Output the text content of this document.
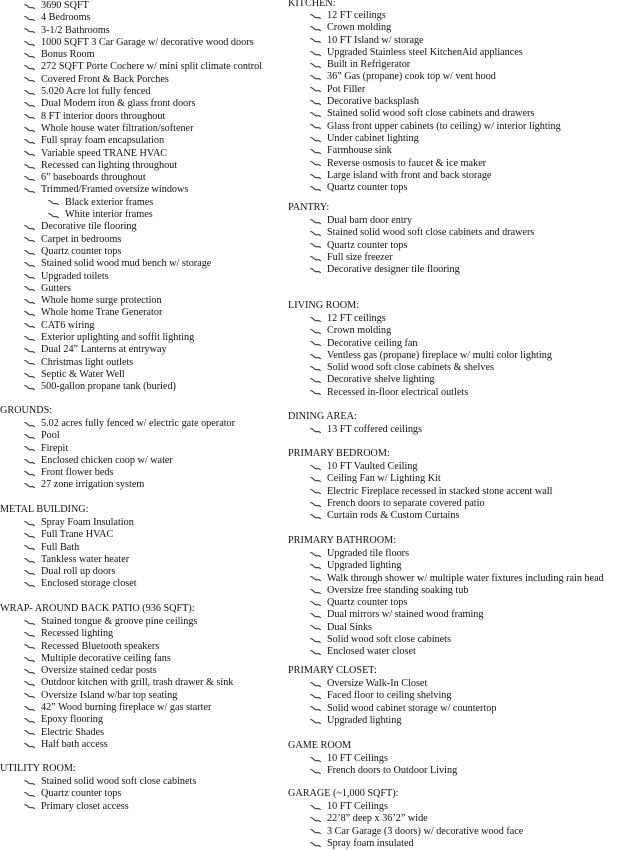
3690 SQFT
4 Bedrooms
3-1/2 Bathrooms
1000 SQFT 3 Car Garage w/ decorative wood doors
Bonus Room
272 SQFT Porte Cochere w/ mini split climate control
Covered Front & Back Porches
5.020 Acre lot fully fenced
Dual Modern iron & glass front doors
8 FT interior doors throughout
Whole house water filtration/softener
Full spray foam encapsulation
Variable speed TRANE HVAC
Recessed can lighting throughout
6” baseboards throughout
Trimmed/Framed oversize windows
Black exterior frames
White interior frames
Decorative tile flooring
Carpet in bedrooms
Quartz counter tops
Stained solid wood mud bench w/ storage
Upgraded toilets
Gutters
Whole home surge protection
Whole home Trane Generator
CAT6 wiring
Exterior uplighting and soffit lighting
Dual 24” Lanterns at entryway
Christmas light outlets
Septic & Water Well
500-gallon propane tank (buried)
GROUNDS:
5.02 acres fully fenced w/ electric gate operator
Pool
Firepit
Enclosed chicken coop w/ water
Front flower beds
27 zone irrigation system
METAL BUILDING:
Spray Foam Insulation
Full Trane HVAC
Full Bath
Tankless water heater
Dual roll up doors
Enclosed storage closet
WRAP- AROUND BACK PATIO (936 SQFT):
Stained tongue & groove pine ceilings
Recessed lighting
Recessed Bluetooth speakers
Multiple decorative ceiling fans
Oversize stained cedar posts
Outdoor kitchen with grill, trash drawer & sink
Oversize Island w/bar top seating
42” Wood burning fireplace w/ gas starter
Epoxy flooring
Electric Shades
Half bath access
UTILITY ROOM:
Stained solid wood soft close cabinets
Quartz counter tops
Primary closet access
KITCHEN:
12 FT ceilings
Crown molding
10 FT Island w/ storage
Upgraded Stainless steel KitchenAid appliances
Built in Refrigerator
36” Gas (propane) cook top w/ vent hood
Pot Filler
Decorative backsplash
Stained solid wood soft close cabinets and drawers
Glass front upper cabinets (to ceiling) w/ interior lighting
Under cabinet lighting
Farmhouse sink
Reverse osmosis to faucet & ice maker
Large island with front and back storage
Quartz counter tops
PANTRY:
Dual barn door entry
Stained solid wood soft close cabinets and drawers
Quartz counter tops
Full size freezer
Decorative designer tile flooring
LIVING ROOM:
12 FT ceilings
Crown molding
Decorative ceiling fan
Ventless gas (propane) fireplace w/ multi color lighting
Solid wood soft close cabinets & shelves
Decorative shelve lighting
Recessed in-floor electrical outlets
DINING AREA:
13 FT coffered ceilings
PRIMARY BEDROOM:
10 FT Vaulted Ceiling
Ceiling Fan w/ Lighting Kit
Electric Fireplace recessed in stacked stone accent wall
French doors to separate covered patio
Curtain rods & Custom Curtains
PRIMARY BATHROOM:
Upgraded tile floors
Upgraded lighting
Walk through shower w/ multiple water fixtures including rain head
Oversize free standing soaking tub
Quartz counter tops
Dual mirrors w/ stained wood framing
Dual Sinks
Solid wood soft close cabinets
Enclosed water closet
PRIMARY CLOSET:
Oversize Walk-In Closet
Faced floor to ceiling shelving
Solid wood cabinet storage w/ countertop
Upgraded lighting
GAME ROOM
10 FT Ceilings
French doors to Outdoor Living
GARAGE (~1,000 SQFT):
10 FT Ceilings
22’8” deep x 36’2” wide
3 Car Garage (3 doors) w/ decorative wood face
Spray foam insulated
